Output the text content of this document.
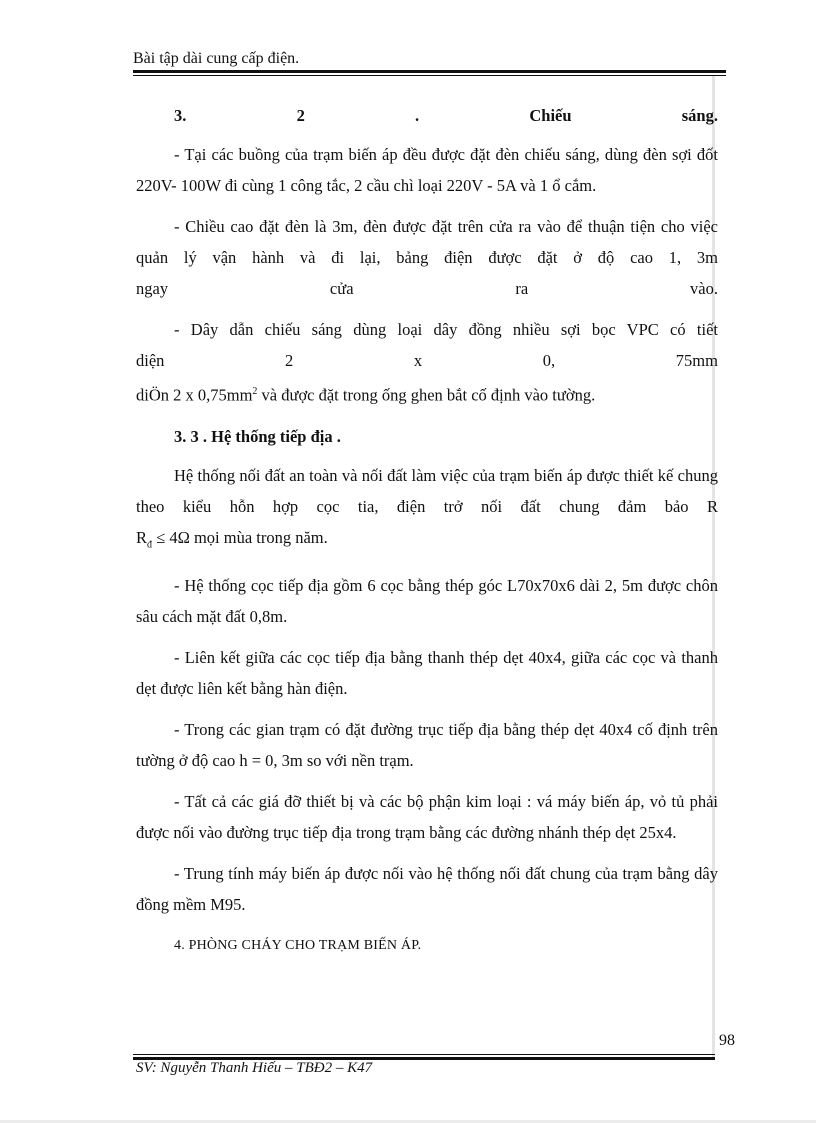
Bài tập dài cung cấp điện.
3.	2	.	Chiếu	sáng.

- Tại các buồng của trạm biến áp đều được đặt đèn chiếu sáng, dùng đèn sợi đốt 220V- 100W đi cùng 1 công tắc, 2 cầu chì loại 220V - 5A và 1 ổ cắm.

- Chiều cao đặt đèn là 3m, đèn được đặt trên cửa ra vào để thuận tiện cho việc quản lý vận hành và đi lại, bảng điện được đặt ở độ cao 1, 3m
ngay	cửa	ra	vào.
- Dây dẫn chiếu sáng dùng loại dây đồng nhiều sợi bọc VPC có tiết
diện	2	x	0,	75mm
diÖn 2 x $0,75mm^2$ và được đặt trong ống ghen bắt cố định vào tường.

3. 3 . Hệ thống tiếp địa .

Hệ thống nối đất an toàn và nối đất làm việc của trạm biến áp được thiết kế chung theo kiểu hỗn hợp cọc tia, điện trở nối đất chung đảm bảo R
$R_đ \le 4\Omega$ mọi mùa trong năm.

- Hệ thống cọc tiếp địa gồm 6 cọc bằng thép góc L70x70x6 dài 2, 5m được chôn sâu cách mặt đất 0,8m.

- Liên kết giữa các cọc tiếp địa bằng thanh thép dẹt 40x4, giữa các cọc và thanh dẹt được liên kết bằng hàn điện.

- Trong các gian trạm có đặt đường trục tiếp địa bằng thép dẹt 40x4 cố định trên tường ở độ cao h = 0, 3m so với nền trạm.

- Tất cả các giá đỡ thiết bị và các bộ phận kim loại : vá máy biến áp, vỏ tủ phải được nối vào đường trục tiếp địa trong trạm bằng các đường nhánh thép dẹt 25x4.

- Trung tính máy biến áp được nối vào hệ thống nối đất chung của trạm bằng dây đồng mềm M95.

4. PHÒNG CHÁY CHO TRẠM BIẾN ÁP.

98
SV: Nguyễn Thanh Hiếu – TBĐ2 – K47
